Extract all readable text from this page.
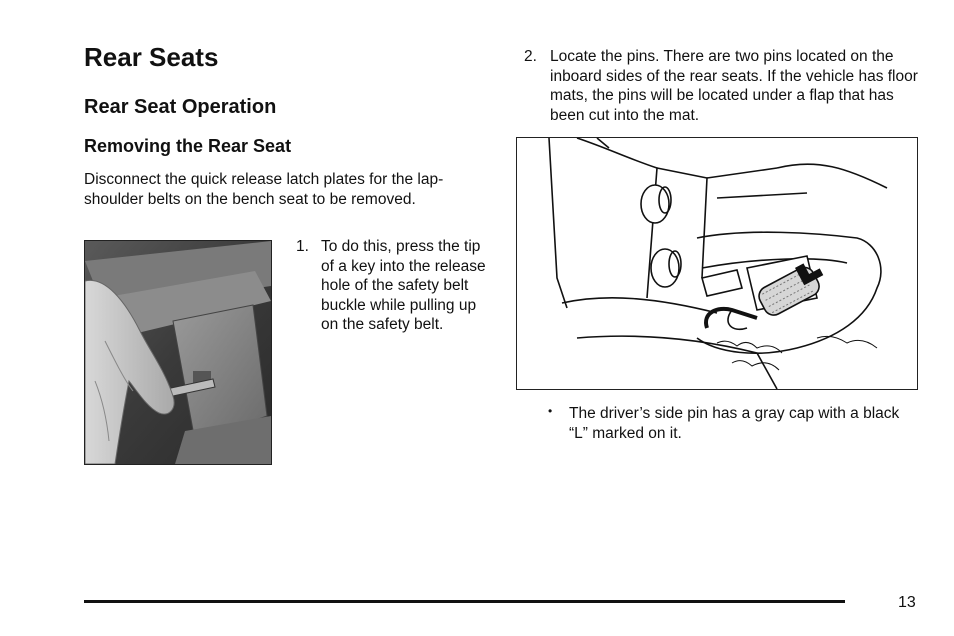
Rear Seats
Rear Seat Operation
Removing the Rear Seat

Disconnect the quick release latch plates for the lap-shoulder belts on the bench seat to be removed.

1. To do this, press the tip of a key into the release hole of the safety belt buckle while pulling up on the safety belt.

2. Locate the pins. There are two pins located on the inboard sides of the rear seats. If the vehicle has floor mats, the pins will be located under a flap that has been cut into the mat.

• The driver’s side pin has a gray cap with a black “L” marked on it.

13
